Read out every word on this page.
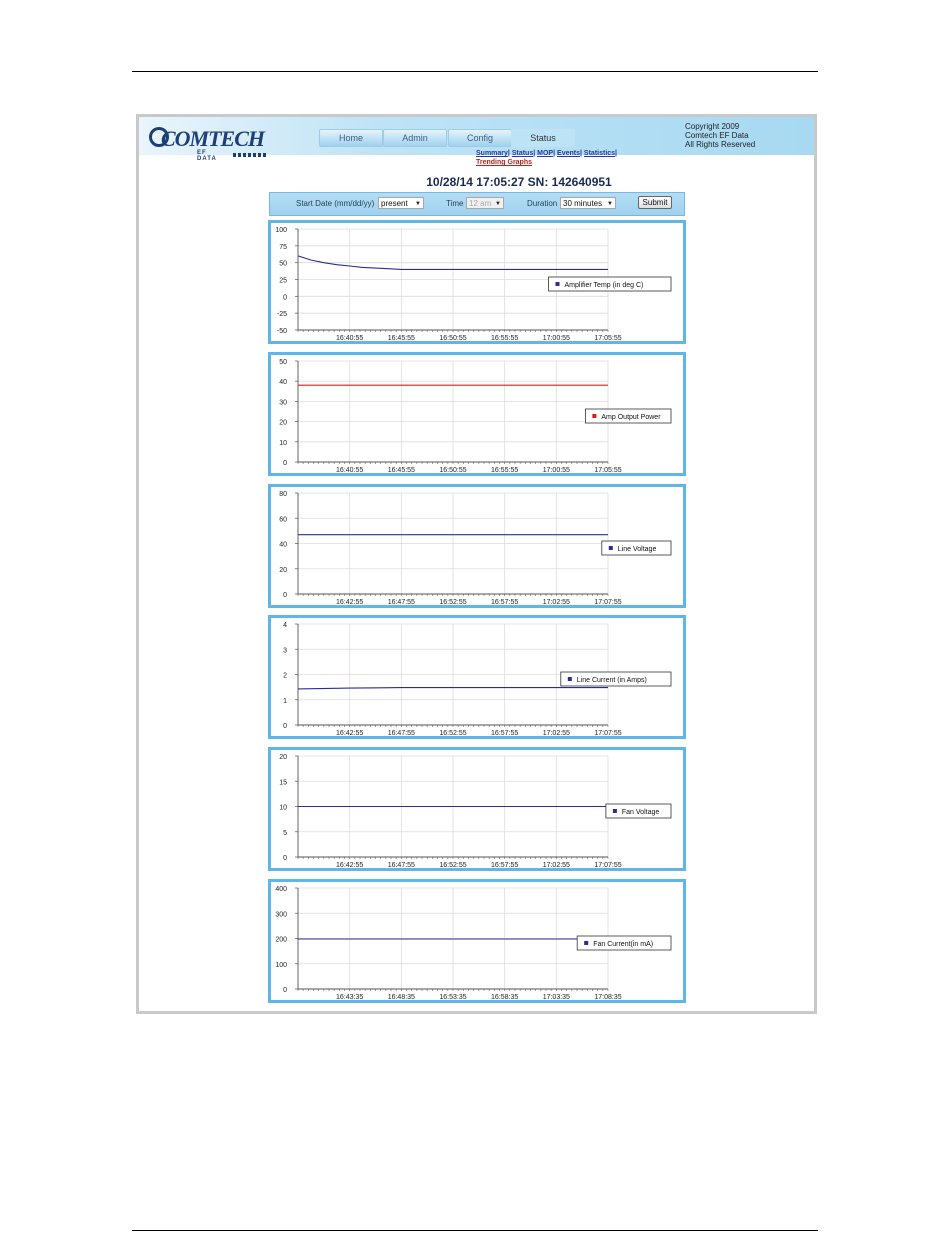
COMTECH
EF DATA
Home	Admin	Config	Status
Copyright 2009
Comtech EF Data
All Rights Reserved
Summary| Status| MOP| Events| Statistics|
Trending Graphs
10/28/14 17:05:27 SN: 142640951
Start Date (mm/dd/yy) present ▼	Time 12 am ▼	Duration 30 minutes ▼	Submit
100
75
50
25
0
-25
-50
16:40:55	16:45:55	16:50:55	16:55:55	17:00:55	17:05:55
Amplifier Temp (in deg C)
50
40
30
20
10
0
16:40:55	16:45:55	16:50:55	16:55:55	17:00:55	17:05:55
Amp Output Power
80
60
40
20
0
16:42:55	16:47:55	16:52:55	16:57:55	17:02:55	17:07:55
Line Voltage
4
3
2
1
0
16:42:55	16:47:55	16:52:55	16:57:55	17:02:55	17:07:55
Line Current (in Amps)
20
15
10
5
0
16:42:55	16:47:55	16:52:55	16:57:55	17:02:55	17:07:55
Fan Voltage
400
300
200
100
0
16:43:35	16:48:35	16:53:35	16:58:35	17:03:35	17:08:35
Fan Current(in mA)
